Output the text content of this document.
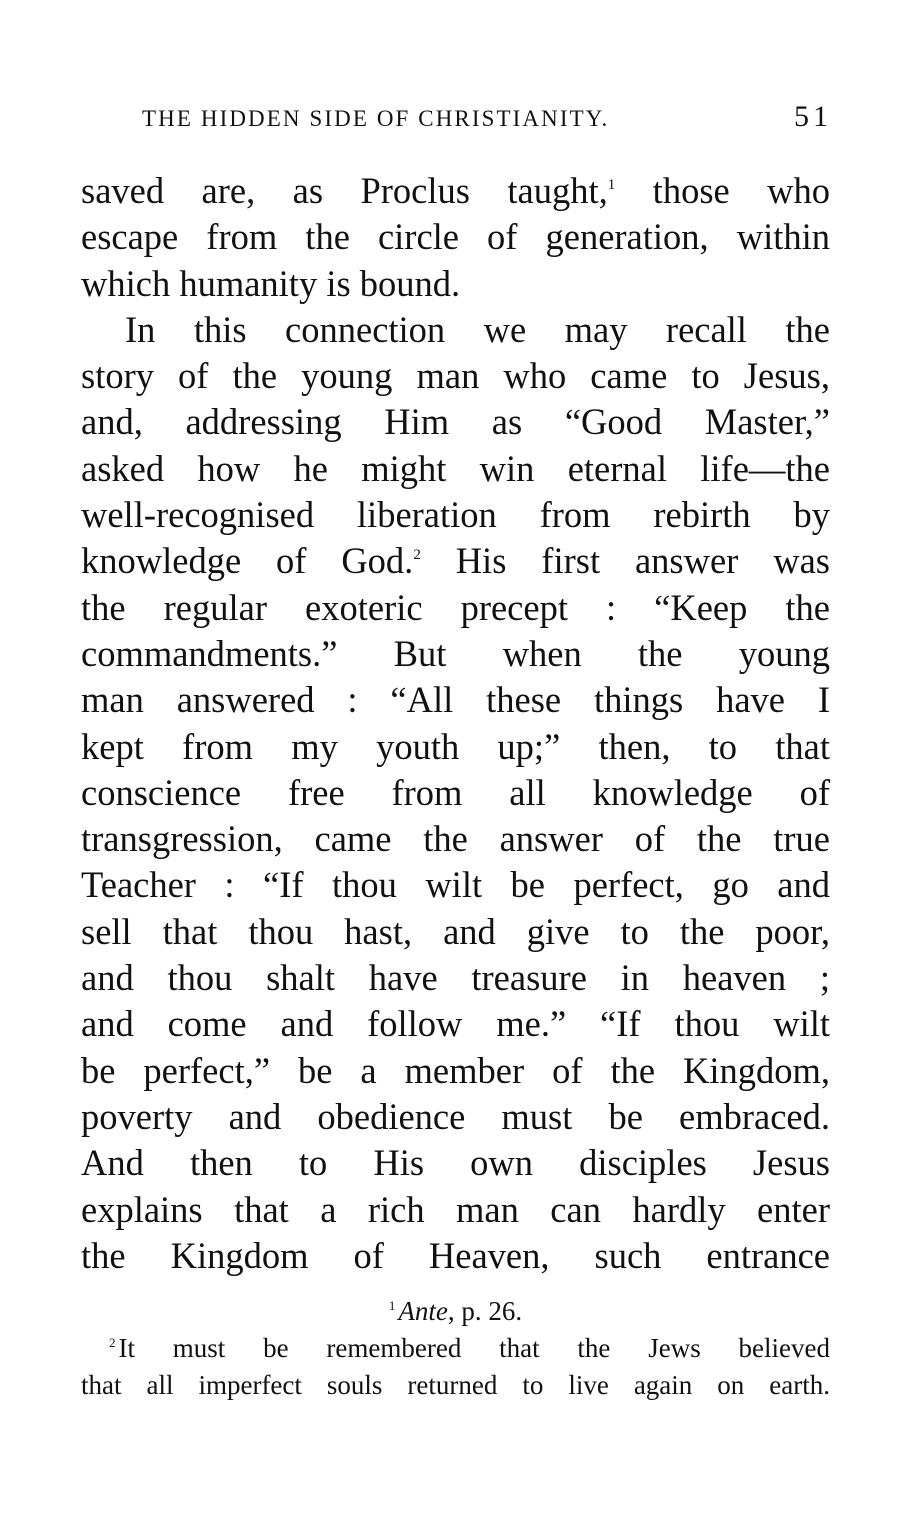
THE HIDDEN SIDE OF CHRISTIANITY.	51
saved are, as Proclus taught,$^1$ those who
escape from the circle of generation, within
which humanity is bound.
In this connection we may recall the
story of the young man who came to Jesus,
and, addressing Him as “Good Master,”
asked how he might win eternal life—the
well-recognised liberation from rebirth by
knowledge of God.$^2$ His first answer was
the regular exoteric precept : “Keep the
commandments.” But when the young
man answered : “All these things have I
kept from my youth up;” then, to that
conscience free from all knowledge of
transgression, came the answer of the true
Teacher : “If thou wilt be perfect, go and
sell that thou hast, and give to the poor,
and thou shalt have treasure in heaven ;
and come and follow me.” “If thou wilt
be perfect,” be a member of the Kingdom,
poverty and obedience must be embraced.
And then to His own disciples Jesus
explains that a rich man can hardly enter
the Kingdom of Heaven, such entrance
$^1$ Ante, p. 26.
$^2$ It must be remembered that the Jews believed
that all imperfect souls returned to live again on earth.
